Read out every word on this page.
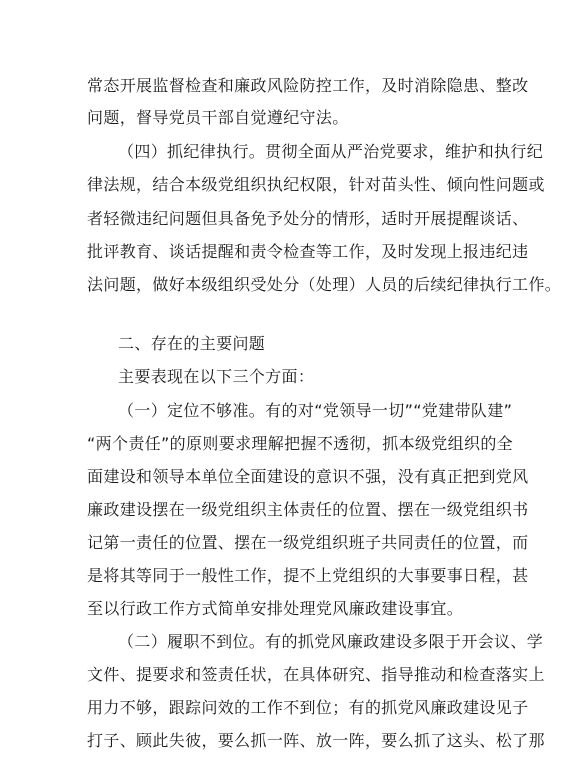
常态开展监督检查和廉政风险防控工作，及时消除隐患、整改
问题，督导党员干部自觉遵纪守法。
（四）抓纪律执行。贯彻全面从严治党要求，维护和执行纪
律法规，结合本级党组织执纪权限，针对苗头性、倾向性问题或
者轻微违纪问题但具备免予处分的情形，适时开展提醒谈话、
批评教育、谈话提醒和责令检查等工作，及时发现上报违纪违
法问题，做好本级组织受处分（处理）人员的后续纪律执行工作。
二、存在的主要问题
主要表现在以下三个方面：
（一）定位不够准。有的对“党领导一切”“党建带队建”
“两个责任”的原则要求理解把握不透彻，抓本级党组织的全
面建设和领导本单位全面建设的意识不强，没有真正把到党风
廉政建设摆在一级党组织主体责任的位置、摆在一级党组织书
记第一责任的位置、摆在一级党组织班子共同责任的位置，而
是将其等同于一般性工作，提不上党组织的大事要事日程，甚
至以行政工作方式简单安排处理党风廉政建设事宜。
（二）履职不到位。有的抓党风廉政建设多限于开会议、学
文件、提要求和签责任状，在具体研究、指导推动和检查落实上
用力不够，跟踪问效的工作不到位；有的抓党风廉政建设见子
打子、顾此失彼，要么抓一阵、放一阵，要么抓了这头、松了那
